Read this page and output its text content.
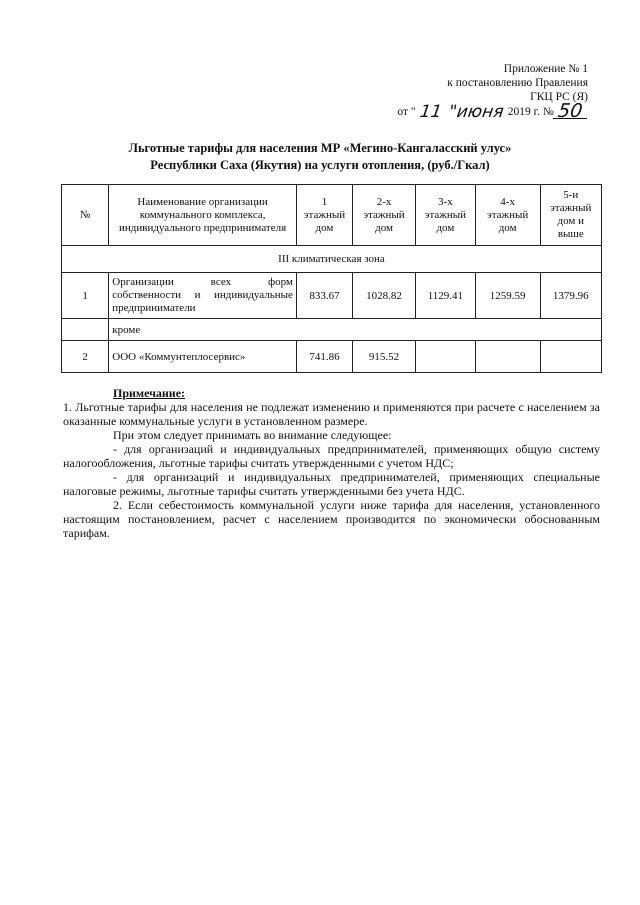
Приложение № 1
к постановлению Правления
ГКЦ РС (Я)
от " 11 "июня 2019 г. № 50
Льготные тарифы для населения МР «Мегино-Кангаласский улус»
Республики Саха (Якутия) на услуги отопления, (руб./Гкал)
№	Наименование организации коммунального комплекса, индивидуального предпринимателя	1 этажный дом	2-х этажный дом	3-х этажный дом	4-х этажный дом	5-и этажный дом и выше
III климатическая зона						
1	Организации всех форм собственности и индивидуальные предприниматели	833.67	1028.82	1129.41	1259.59	1379.96
	кроме					
2	ООО «Коммунтеплосервис»	741.86	915.52			

Примечание:

1. Льготные тарифы для населения не подлежат изменению и применяются при расчете с населением за оказанные коммунальные услуги в установленном размере.

При этом следует принимать во внимание следующее:

- для организаций и индивидуальных предпринимателей, применяющих общую систему налогообложения, льготные тарифы считать утвержденными с учетом НДС;

- для организаций и индивидуальных предпринимателей, применяющих специальные налоговые режимы, льготные тарифы считать утвержденными без учета НДС.

2. Если себестоимость коммунальной услуги ниже тарифа для населения, установленного настоящим постановлением, расчет с населением производится по экономически обоснованным тарифам.
